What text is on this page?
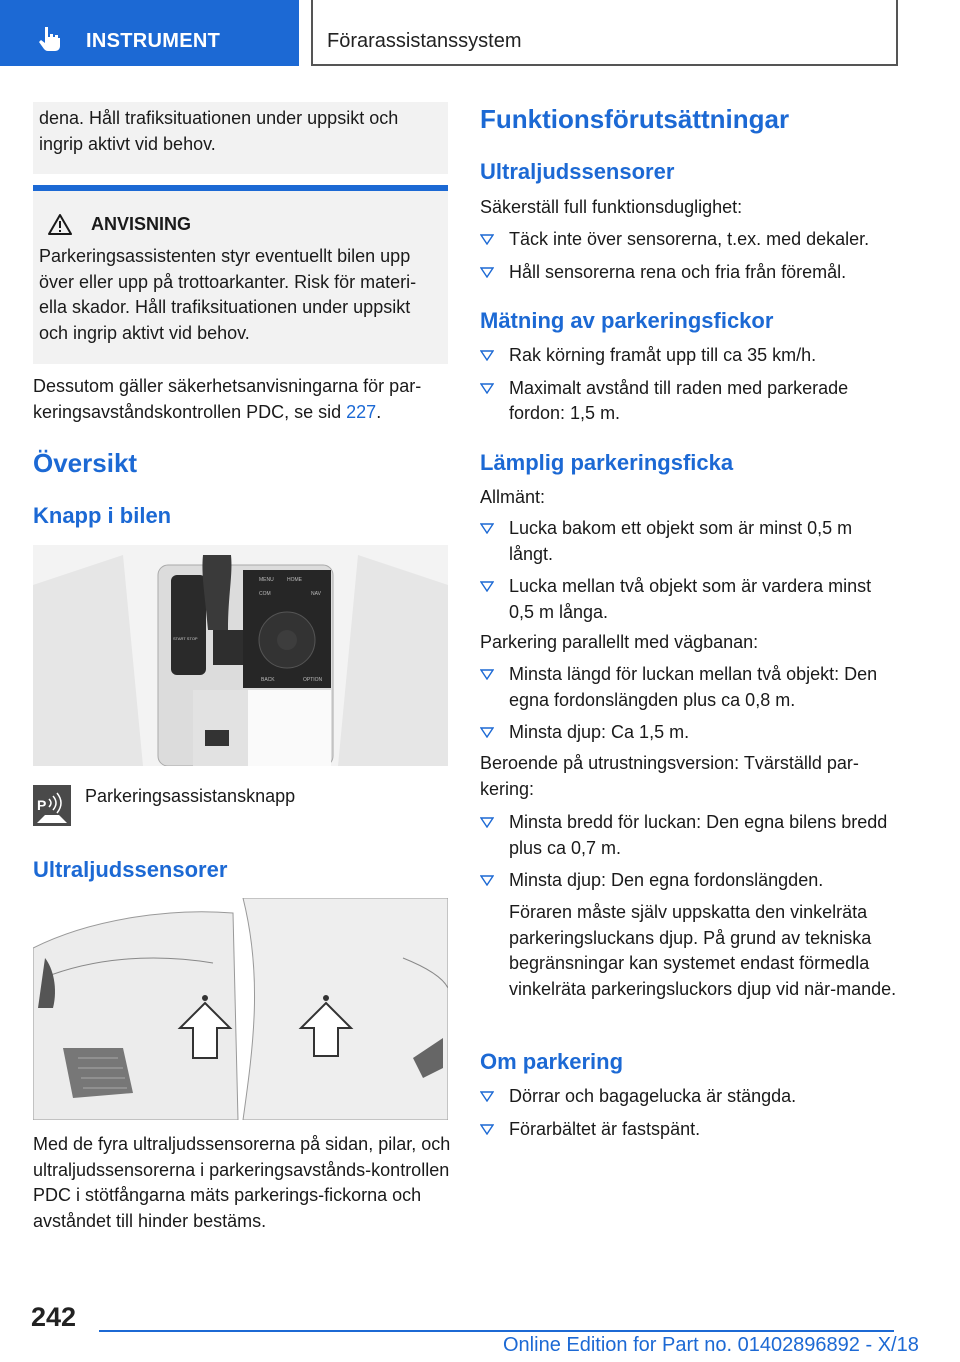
INSTRUMENT	Förarassistanssystem

dena. Håll trafiksituationen under uppsikt och ingrip aktivt vid behov.

ANVISNING

Parkeringsassistenten styr eventuellt bilen upp över eller upp på trottoarkanter. Risk för materi-ella skador. Håll trafiksituationen under uppsikt och ingrip aktivt vid behov.

Dessutom gäller säkerhetsanvisningarna för par-keringsavståndskontrollen PDC, se sid 227.

Översikt
Knapp i bilen
MENU	HOME
COM	NAV
BACK	OPTION
START STOP
P Parkeringsassistansknapp
Ultraljudssensorer

Med de fyra ultraljudssensorerna på sidan, pilar, och ultraljudssensorerna i parkeringsavstånds-kontrollen PDC i stötfångarna mäts parkerings-fickorna och avståndet till hinder bestäms.

Funktionsförutsättningar
Ultraljudssensorer
Säkerställ full funktionsduglighet:
Täck inte över sensorerna, t.ex. med dekaler.
Håll sensorerna rena och fria från föremål.
Mätning av parkeringsfickor
Rak körning framåt upp till ca 35 km/h.
Maximalt avstånd till raden med parkerade fordon: 1,5 m.
Lämplig parkeringsficka
Allmänt:
Lucka bakom ett objekt som är minst 0,5 m långt.
Lucka mellan två objekt som är vardera minst 0,5 m långa.
Parkering parallellt med vägbanan:
Minsta längd för luckan mellan två objekt: Den egna fordonslängden plus ca 0,8 m.
Minsta djup: Ca 1,5 m.
Beroende på utrustningsversion: Tvärställd par-kering:
Minsta bredd för luckan: Den egna bilens bredd plus ca 0,7 m.
Minsta djup: Den egna fordonslängden.
Föraren måste själv uppskatta den vinkelräta parkeringsluckans djup. På grund av tekniska begränsningar kan systemet endast förmedla vinkelräta parkeringsluckors djup vid när-mande.
Om parkering
Dörrar och bagagelucka är stängda.
Förarbältet är fastspänt.
242
Online Edition for Part no. 01402896892 - X/18
